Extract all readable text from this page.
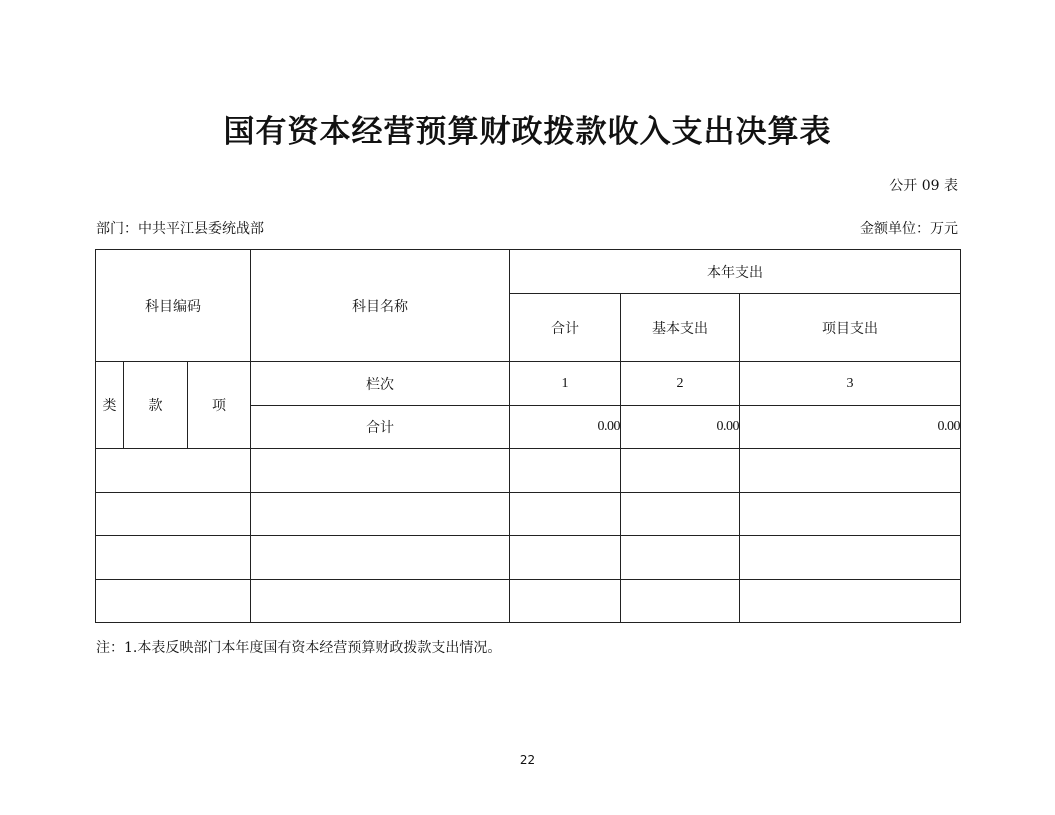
国有资本经营预算财政拨款收入支出决算表
公开 09 表
部门：中共平江县委统战部	金额单位：万元
科目编码			科目名称	本年支出		
				合计	基本支出	项目支出
类	款	项	栏次	1	2	3
			合计	0.00	0.00	0.00

注：1.本表反映部门本年度国有资本经营预算财政拨款支出情况。
22
